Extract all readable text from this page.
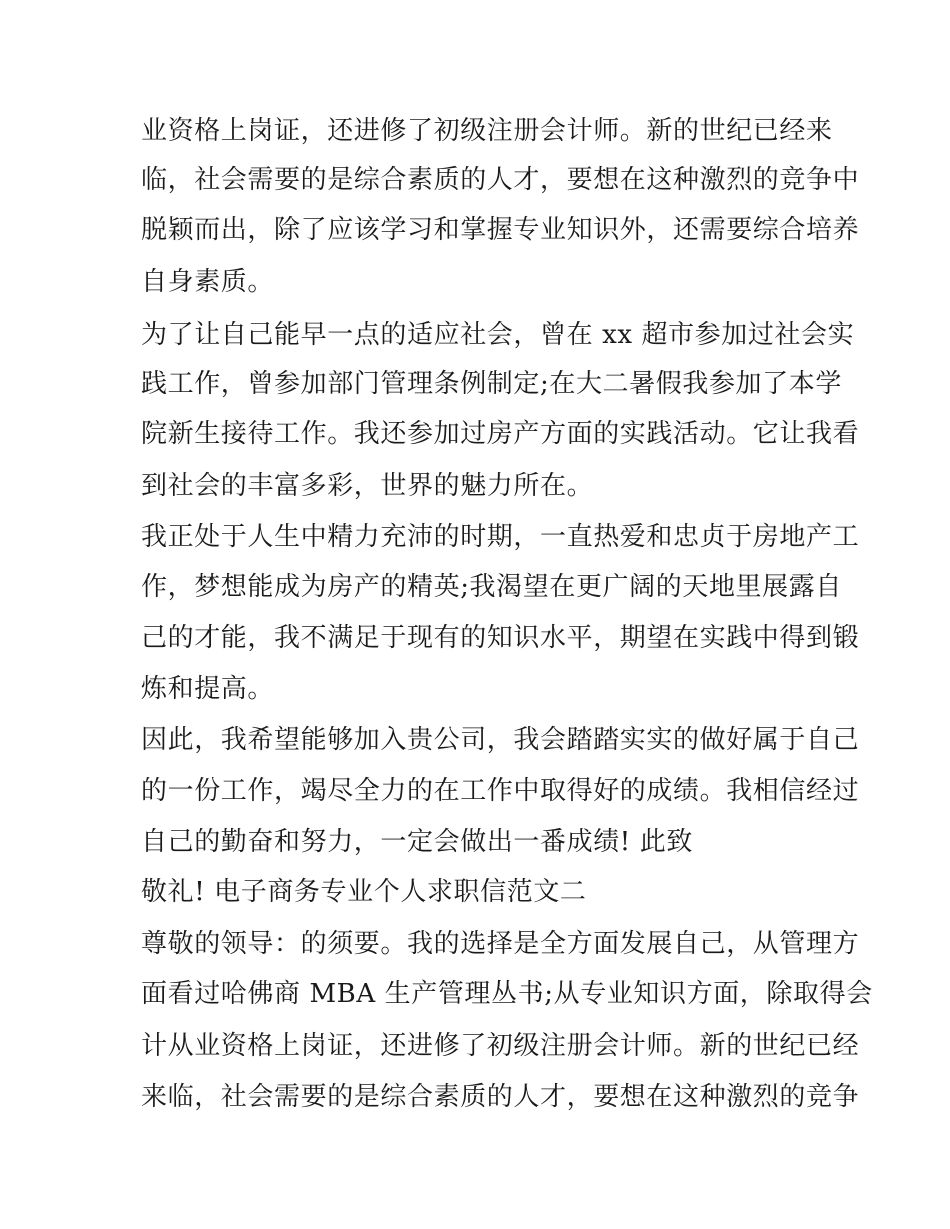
业资格上岗证，还进修了初级注册会计师。新的世纪已经来
临，社会需要的是综合素质的人才，要想在这种激烈的竞争中
脱颖而出，除了应该学习和掌握专业知识外，还需要综合培养
自身素质。
为了让自己能早一点的适应社会，曾在 xx 超市参加过社会实
践工作，曾参加部门管理条例制定;在大二暑假我参加了本学
院新生接待工作。我还参加过房产方面的实践活动。它让我看
到社会的丰富多彩，世界的魅力所在。
我正处于人生中精力充沛的时期，一直热爱和忠贞于房地产工
作，梦想能成为房产的精英;我渴望在更广阔的天地里展露自
己的才能，我不满足于现有的知识水平，期望在实践中得到锻
炼和提高。
因此，我希望能够加入贵公司，我会踏踏实实的做好属于自己
的一份工作，竭尽全力的在工作中取得好的成绩。我相信经过
自己的勤奋和努力，一定会做出一番成绩! 此致
敬礼! 电子商务专业个人求职信范文二
尊敬的领导：的须要。我的选择是全方面发展自己，从管理方
面看过哈佛商 MBA 生产管理丛书;从专业知识方面，除取得会
计从业资格上岗证，还进修了初级注册会计师。新的世纪已经
来临，社会需要的是综合素质的人才，要想在这种激烈的竞争
